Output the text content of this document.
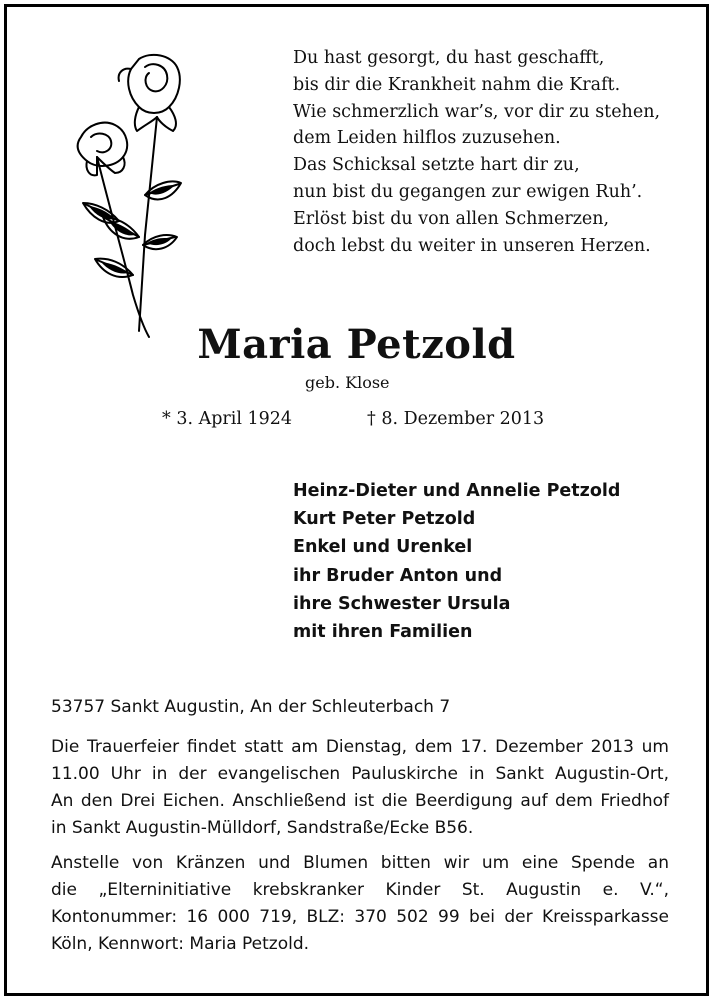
Du hast gesorgt, du hast geschafft,
bis dir die Krankheit nahm die Kraft.
Wie schmerzlich war’s, vor dir zu stehen,
dem Leiden hilflos zuzusehen.
Das Schicksal setzte hart dir zu,
nun bist du gegangen zur ewigen Ruh’.
Erlöst bist du von allen Schmerzen,
doch lebst du weiter in unseren Herzen.
Maria Petzold
geb. Klose
* 3. April 1924	† 8. Dezember 2013
Heinz-Dieter und Annelie Petzold
Kurt Peter Petzold
Enkel und Urenkel
ihr Bruder Anton und
ihre Schwester Ursula
mit ihren Familien
53757 Sankt Augustin, An der Schleuterbach 7
Die Trauerfeier findet statt am Dienstag, dem 17. Dezember 2013 um
11.00 Uhr in der evangelischen Pauluskirche in Sankt Augustin-Ort,
An den Drei Eichen. Anschließend ist die Beerdigung auf dem Friedhof
in Sankt Augustin-Mülldorf, Sandstraße/Ecke B56.
Anstelle von Kränzen und Blumen bitten wir um eine Spende an
die „Elterninitiative krebskranker Kinder St. Augustin e. V.“,
Kontonummer: 16 000 719, BLZ: 370 502 99 bei der Kreissparkasse
Köln, Kennwort: Maria Petzold.
